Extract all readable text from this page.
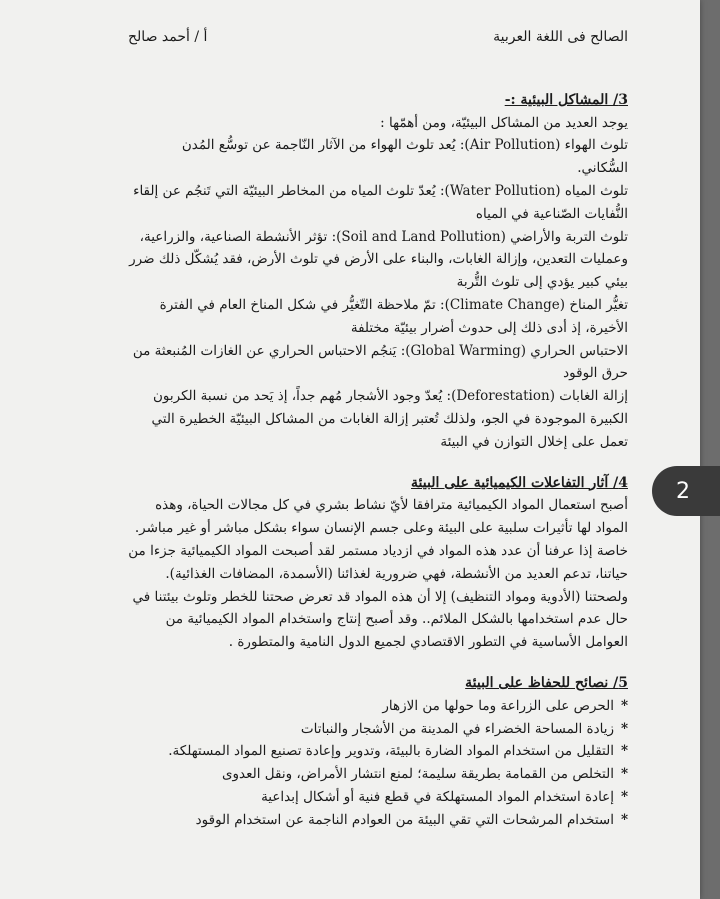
الصالح فى اللغة العربية
أ / أحمد صالح

3/ المشاكل البيئية :-

يوجد العديد من المشاكل البيئيّة، ومن أهمّها :

تلوث الهواء (Air Pollution): يُعد تلوث الهواء من الآثار النّاجمة عن توسُّع المُدن السُّكاني.

تلوث المياه (Water Pollution): يُعدّ تلوث المياه من المخاطر البيئيّة التي تَنجُم عن إلقاء النُّفايات الصّناعية في المياه

تلوث التربة والأراضي (Soil and Land Pollution): تؤثر الأنشطة الصناعية، والزراعية، وعمليات التعدين، وإزالة الغابات، والبناء على الأرض في تلوث الأرض، فقد يُشكّل ذلك ضرر بيئي كبير يؤدي إلى تلوث التُّربة

تغيُّر المناخ (Climate Change): تمّ ملاحظة التّغيُّر في شكل المناخ العام في الفترة الأخيرة، إذ أدى ذلك إلى حدوث أضرار بيئيّة مختلفة

الاحتباس الحراري (Global Warming): يَنجُم الاحتباس الحراري عن الغازات المُنبعثة من حرق الوقود

إزالة الغابات (Deforestation): يُعدّ وجود الأشجار مُهم جداً، إذ يَحد من نسبة الكربون الكبيرة الموجودة في الجو، ولذلك تُعتبر إزالة الغابات من المشاكل البيئيّة الخطيرة التي تعمل على إخلال التوازن في البيئة

4/ آثار التفاعلات الكيميائية على البيئة

أصبح استعمال المواد الكيميائية مترافقا لأيّ نشاط بشري في كل مجالات الحياة، وهذه المواد لها تأثيرات سلبية على البيئة وعلى جسم الإنسان سواء بشكل مباشر أو غير مباشر. خاصة إذا عرفنا أن عدد هذه المواد في ازدياد مستمر لقد أصبحت المواد الكيميائية جزءا من حياتنا، تدعم العديد من الأنشطة، فهي ضرورية لغذائنا (الأسمدة، المضافات الغذائية). ولصحتنا (الأدوية ومواد التنظيف) إلا أن هذه المواد قد تعرض صحتنا للخطر وتلوث بيئتنا في حال عدم استخدامها بالشكل الملائم.. وقد أصبح إنتاج واستخدام المواد الكيميائية من العوامل الأساسية في التطور الاقتصادي لجميع الدول النامية والمتطورة .

5/ نصائح للحفاظ على البيئة

* الحرص على الزراعة وما حولها من الازهار
* زيادة المساحة الخضراء في المدينة من الأشجار والنباتات
* التقليل من استخدام المواد الضارة بالبيئة، وتدوير وإعادة تصنيع المواد المستهلكة.
* التخلص من القمامة بطريقة سليمة؛ لمنع انتشار الأمراض، ونقل العدوى
* إعادة استخدام المواد المستهلكة في قطع فنية أو أشكال إبداعية
* استخدام المرشحات التي تقي البيئة من العوادم الناجمة عن استخدام الوقود
2
